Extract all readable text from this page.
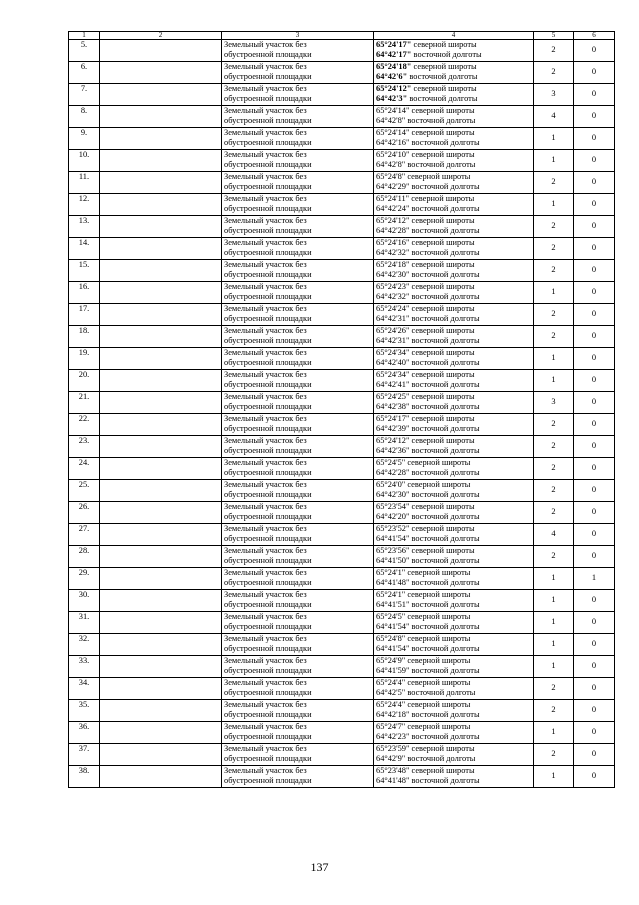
1	2	3	4	5	6
5.		Земельный участок без
обустроенной площадки	65°24'17" северной широты
64°42'17" восточной долготы	2	0
6.		Земельный участок без
обустроенной площадки	65°24'18" северной широты
64°42'6" восточной долготы	2	0
7.		Земельный участок без
обустроенной площадки	65°24'12" северной широты
64°42'3" восточной долготы	3	0
8.		Земельный участок без
обустроенной площадки	65°24'14" северной широты
64°42'8" восточной долготы	4	0
9.		Земельный участок без
обустроенной площадки	65°24'14" северной широты
64°42'16" восточной долготы	1	0
10.		Земельный участок без
обустроенной площадки	65°24'10" северной широты
64°42'8" восточной долготы	1	0
11.		Земельный участок без
обустроенной площадки	65°24'8" северной широты
64°42'29" восточной долготы	2	0
12.		Земельный участок без
обустроенной площадки	65°24'11" северной широты
64°42'24" восточной долготы	1	0
13.		Земельный участок без
обустроенной площадки	65°24'12" северной широты
64°42'28" восточной долготы	2	0
14.		Земельный участок без
обустроенной площадки	65°24'16" северной широты
64°42'32" восточной долготы	2	0
15.		Земельный участок без
обустроенной площадки	65°24'18" северной широты
64°42'30" восточной долготы	2	0
16.		Земельный участок без
обустроенной площадки	65°24'23" северной широты
64°42'32" восточной долготы	1	0
17.		Земельный участок без
обустроенной площадки	65°24'24" северной широты
64°42'31" восточной долготы	2	0
18.		Земельный участок без
обустроенной площадки	65°24'26" северной широты
64°42'31" восточной долготы	2	0
19.		Земельный участок без
обустроенной площадки	65°24'34" северной широты
64°42'40" восточной долготы	1	0
20.		Земельный участок без
обустроенной площадки	65°24'34" северной широты
64°42'41" восточной долготы	1	0
21.		Земельный участок без
обустроенной площадки	65°24'25" северной широты
64°42'38" восточной долготы	3	0
22.		Земельный участок без
обустроенной площадки	65°24'17" северной широты
64°42'39" восточной долготы	2	0
23.		Земельный участок без
обустроенной площадки	65°24'12" северной широты
64°42'36" восточной долготы	2	0
24.		Земельный участок без
обустроенной площадки	65°24'5" северной широты
64°42'28" восточной долготы	2	0
25.		Земельный участок без
обустроенной площадки	65°24'0" северной широты
64°42'30" восточной долготы	2	0
26.		Земельный участок без
обустроенной площадки	65°23'54" северной широты
64°42'20" восточной долготы	2	0
27.		Земельный участок без
обустроенной площадки	65°23'52" северной широты
64°41'54" восточной долготы	4	0
28.		Земельный участок без
обустроенной площадки	65°23'56" северной широты
64°41'50" восточной долготы	2	0
29.		Земельный участок без
обустроенной площадки	65°24'1" северной широты
64°41'48" восточной долготы	1	1
30.		Земельный участок без
обустроенной площадки	65°24'1" северной широты
64°41'51" восточной долготы	1	0
31.		Земельный участок без
обустроенной площадки	65°24'5" северной широты
64°41'54" восточной долготы	1	0
32.		Земельный участок без
обустроенной площадки	65°24'8" северной широты
64°41'54" восточной долготы	1	0
33.		Земельный участок без
обустроенной площадки	65°24'9" северной широты
64°41'59" восточной долготы	1	0
34.		Земельный участок без
обустроенной площадки	65°24'4" северной широты
64°42'5" восточной долготы	2	0
35.		Земельный участок без
обустроенной площадки	65°24'4" северной широты
64°42'18" восточной долготы	2	0
36.		Земельный участок без
обустроенной площадки	65°24'7" северной широты
64°42'23" восточной долготы	1	0
37.		Земельный участок без
обустроенной площадки	65°23'59" северной широты
64°42'9" восточной долготы	2	0
38.		Земельный участок без
обустроенной площадки	65°23'48" северной широты
64°41'48" восточной долготы	1	0
137
